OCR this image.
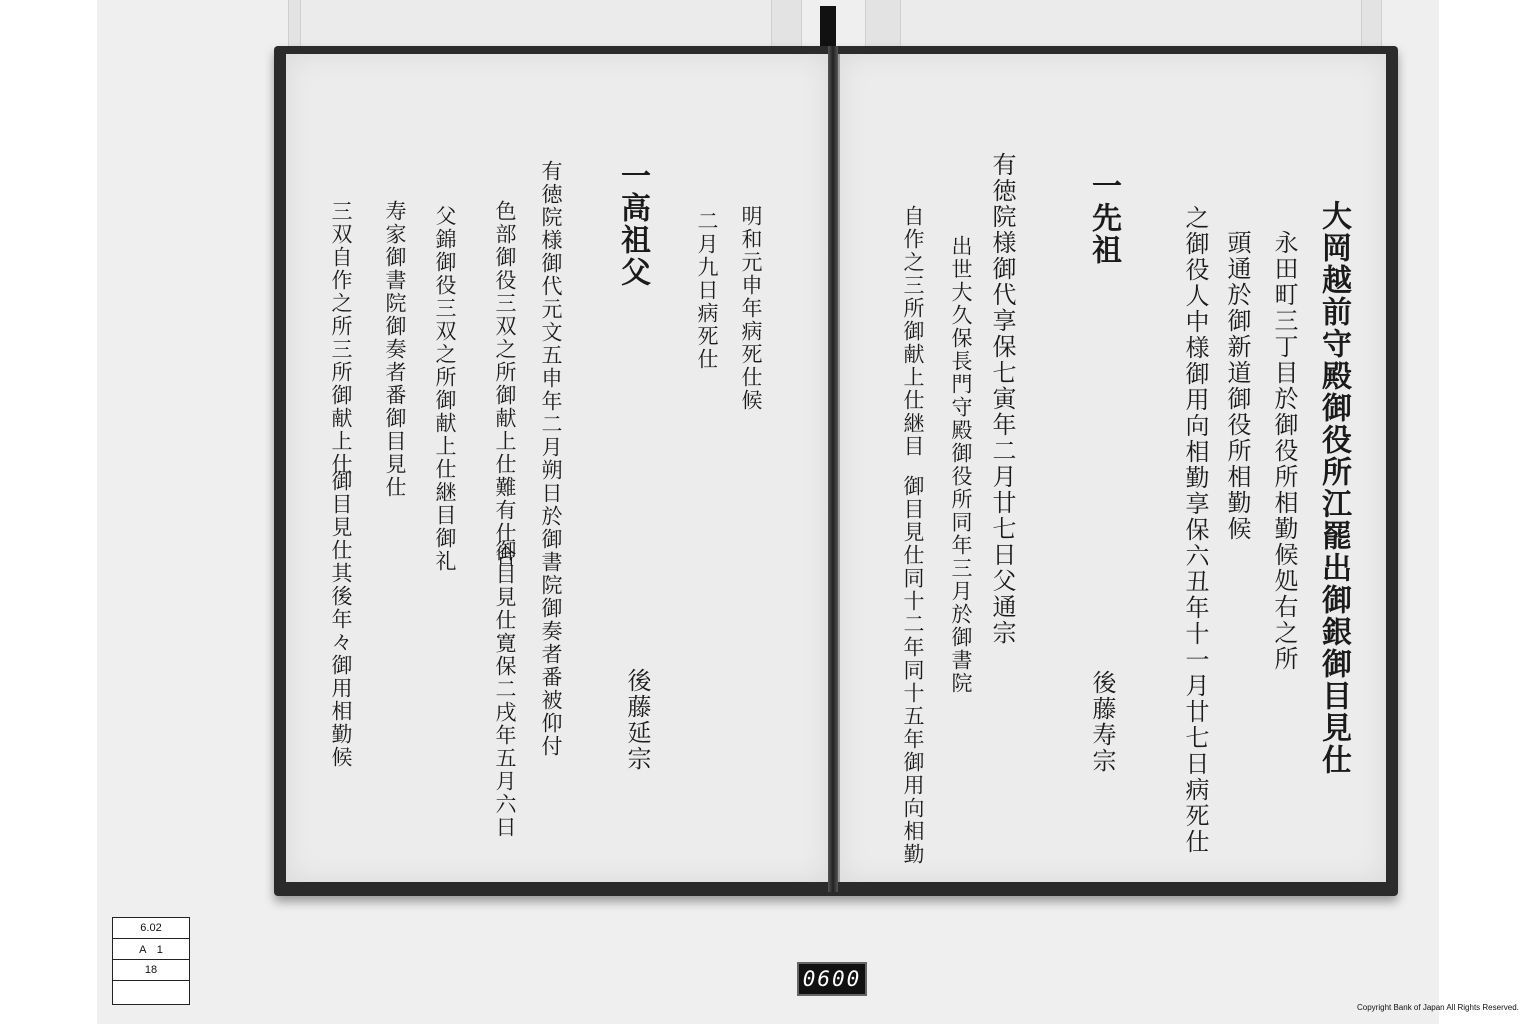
大岡越前守殿御役所江罷出御銀御目見仕
永田町三丁目於御役所相勤候処右之所
頭通於御新道御役所相勤候
之御役人中様御用向相勤享保六丑年十一月廿七日病死仕
一先祖
後藤寿宗
有徳院様御代享保七寅年二月廿七日父通宗
出世大久保長門守殿御役所同年三月於御書院
自作之三所御献上仕継目
御目見仕同十二年同十五年御用向相勤
明和元申年病死仕候
二月九日病死仕
一高祖父
後藤延宗
有徳院様御代元文五申年二月朔日於御書院御奏者番被仰付
色部御役三双之所御献上仕難有仕合
御目見仕寛保二戌年五月六日
父錦御役三双之所御献上仕継目御礼
寿家御書院御奏者番御目見仕
三双自作之所三所御献上仕
御目見仕其後年々御用相勤候
6.02
A　1
18	0600
Copyright Bank of Japan All Rights Reserved.
